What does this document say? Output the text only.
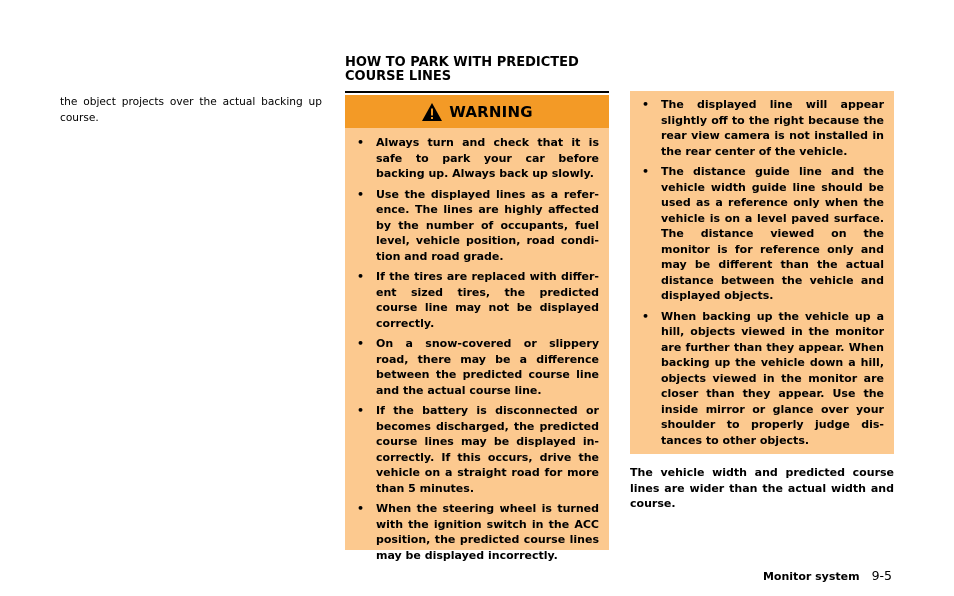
the object projects over the actual backing up course.
HOW TO PARK WITH PREDICTED
COURSE LINES
WARNING
• Always turn and check that it is safe to park your car before backing up. Always back up slowly.
• Use the displayed lines as a refer-ence. The lines are highly affected by the number of occupants, fuel level, vehicle position, road condi-tion and road grade.
• If the tires are replaced with differ-ent sized tires, the predicted course line may not be displayed correctly.
• On a snow-covered or slippery road, there may be a difference between the predicted course line and the actual course line.
• If the battery is disconnected or becomes discharged, the predicted course lines may be displayed in-correctly. If this occurs, drive the vehicle on a straight road for more than 5 minutes.
• When the steering wheel is turned with the ignition switch in the ACC position, the predicted course lines may be displayed incorrectly.
• The displayed line will appear slightly off to the right because the rear view camera is not installed in the rear center of the vehicle.
• The distance guide line and the vehicle width guide line should be used as a reference only when the vehicle is on a level paved surface. The distance viewed on the monitor is for reference only and may be different than the actual distance between the vehicle and displayed objects.
• When backing up the vehicle up a hill, objects viewed in the monitor are further than they appear. When backing up the vehicle down a hill, objects viewed in the monitor are closer than they appear. Use the inside mirror or glance over your shoulder to properly judge dis-tances to other objects.
The vehicle width and predicted course lines are wider than the actual width and course.
Monitor system 9-5
